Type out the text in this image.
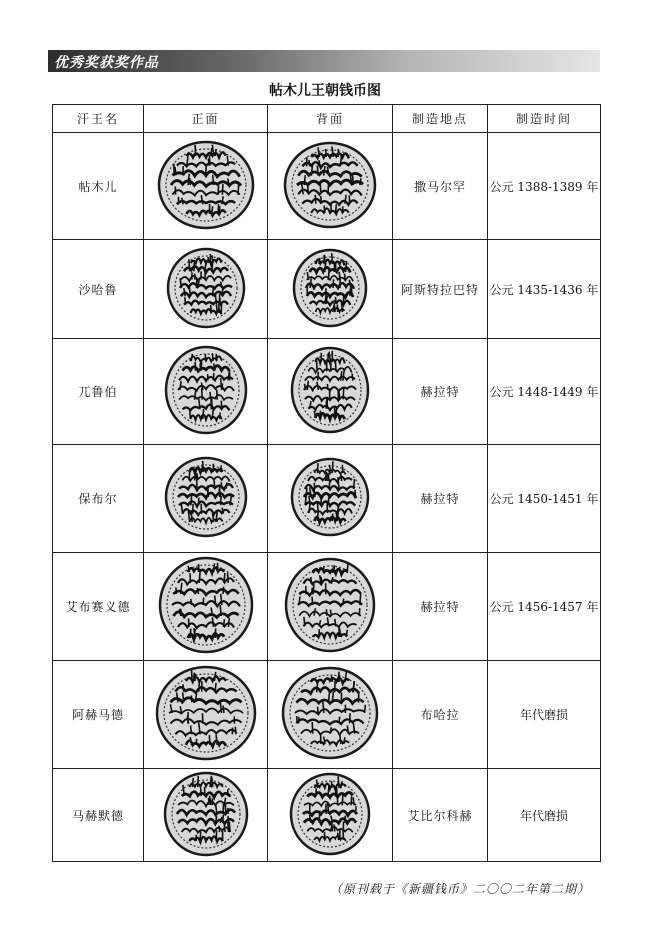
优秀奖获奖作品
帖木儿王朝钱币图
汗王名	正面	背面	制造地点	制造时间
帖木儿			撒马尔罕	公元 1388-1389 年
沙哈鲁			阿斯特拉巴特	公元 1435-1436 年
兀鲁伯			赫拉特	公元 1448-1449 年
保布尔			赫拉特	公元 1450-1451 年
艾布赛义德			赫拉特	公元 1456-1457 年
阿赫马德			布哈拉	年代磨损
马赫默德			艾比尔科赫	年代磨损
（原刊载于《新疆钱币》二〇〇二年第二期）
